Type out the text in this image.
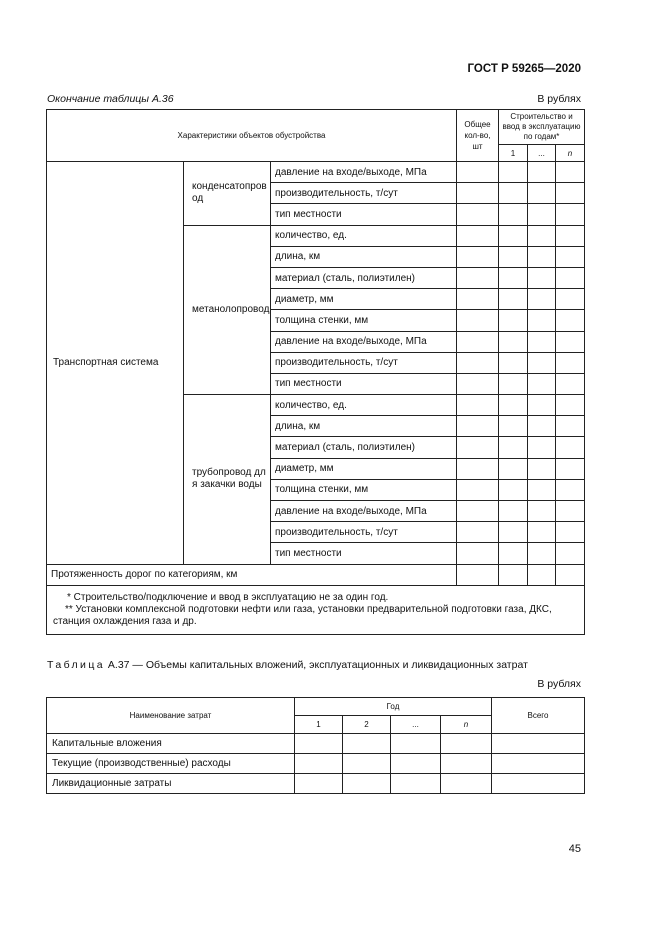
ГОСТ Р 59265—2020
Окончание таблицы А.36	В рублях
Характеристики объектов обустройства			Общее кол-во, шт	Строительство и ввод в эксплуатацию по годам*		
				1	...	n
Транспортная система	конденсатопровод	давление на входе/выходе, МПа				
		производительность, т/сут				
		тип местности				
	метанолопровод	количество, ед.				
		длина, км				
		материал (сталь, полиэтилен)				
		диаметр, мм				
		толщина стенки, мм				
		давление на входе/выходе, МПа				
		производительность, т/сут				
		тип местности				
	трубопровод для закачки воды	количество, ед.				
		длина, км				
		материал (сталь, полиэтилен)				
		диаметр, мм				
		толщина стенки, мм				
		давление на входе/выходе, МПа				
		производительность, т/сут				
		тип местности				
Протяженность дорог по категориям, км						

* Строительство/подключение и ввод в эксплуатацию не за один год.
** Установки комплексной подготовки нефти или газа, установки предварительной подготовки газа, ДКС, станция охлаждения газа и др.						
Таблица А.37 — Объемы капитальных вложений, эксплуатационных и ликвидационных затрат
В рублях
Наименование затрат	Год				Всего
	1	2	...	n	
Капитальные вложения					
Текущие (производственные) расходы					
Ликвидационные затраты					
45
